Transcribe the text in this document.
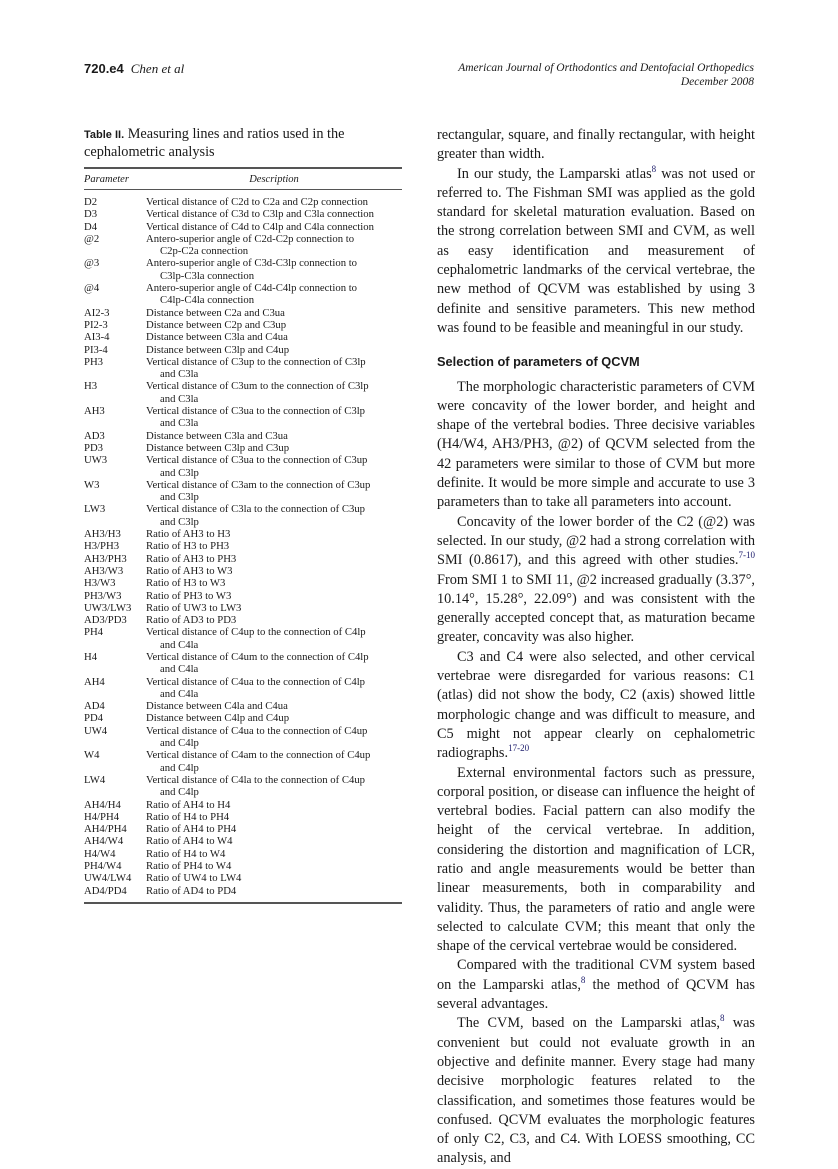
720.e4 Chen et al	American Journal of Orthodontics and Dentofacial Orthopedics
December 2008
Table II. Measuring lines and ratios used in the cephalometric analysis
Parameter	Description
D2	Vertical distance of C2d to C2a and C2p connection
D3	Vertical distance of C3d to C3lp and C3la connection
D4	Vertical distance of C4d to C4lp and C4la connection
@2	Antero-superior angle of C2d-C2p connection to
C2p-C2a connection
@3	Antero-superior angle of C3d-C3lp connection to
C3lp-C3la connection
@4	Antero-superior angle of C4d-C4lp connection to
C4lp-C4la connection
AI2-3	Distance between C2a and C3ua
PI2-3	Distance between C2p and C3up
AI3-4	Distance between C3la and C4ua
PI3-4	Distance between C3lp and C4up
PH3	Vertical distance of C3up to the connection of C3lp
and C3la
H3	Vertical distance of C3um to the connection of C3lp
and C3la
AH3	Vertical distance of C3ua to the connection of C3lp
and C3la
AD3	Distance between C3la and C3ua
PD3	Distance between C3lp and C3up
UW3	Vertical distance of C3ua to the connection of C3up
and C3lp
W3	Vertical distance of C3am to the connection of C3up
and C3lp
LW3	Vertical distance of C3la to the connection of C3up
and C3lp
AH3/H3	Ratio of AH3 to H3
H3/PH3	Ratio of H3 to PH3
AH3/PH3	Ratio of AH3 to PH3
AH3/W3	Ratio of AH3 to W3
H3/W3	Ratio of H3 to W3
PH3/W3	Ratio of PH3 to W3
UW3/LW3	Ratio of UW3 to LW3
AD3/PD3	Ratio of AD3 to PD3
PH4	Vertical distance of C4up to the connection of C4lp
and C4la
H4	Vertical distance of C4um to the connection of C4lp
and C4la
AH4	Vertical distance of C4ua to the connection of C4lp
and C4la
AD4	Distance between C4la and C4ua
PD4	Distance between C4lp and C4up
UW4	Vertical distance of C4ua to the connection of C4up
and C4lp
W4	Vertical distance of C4am to the connection of C4up
and C4lp
LW4	Vertical distance of C4la to the connection of C4up
and C4lp
AH4/H4	Ratio of AH4 to H4
H4/PH4	Ratio of H4 to PH4
AH4/PH4	Ratio of AH4 to PH4
AH4/W4	Ratio of AH4 to W4
H4/W4	Ratio of H4 to W4
PH4/W4	Ratio of PH4 to W4
UW4/LW4	Ratio of UW4 to LW4
AD4/PD4	Ratio of AD4 to PD4

rectangular, square, and finally rectangular, with height greater than width.

In our study, the Lamparski atlas$^8$ was not used or referred to. The Fishman SMI was applied as the gold standard for skeletal maturation evaluation. Based on the strong correlation between SMI and CVM, as well as easy identification and measurement of cephalometric landmarks of the cervical vertebrae, the new method of QCVM was established by using 3 definite and sensitive parameters. This new method was found to be feasible and meaningful in our study.

Selection of parameters of QCVM

The morphologic characteristic parameters of CVM were concavity of the lower border, and height and shape of the vertebral bodies. Three decisive variables (H4/W4, AH3/PH3, @2) of QCVM selected from the 42 parameters were similar to those of CVM but more definite. It would be more simple and accurate to use 3 parameters than to take all parameters into account.

Concavity of the lower border of the C2 (@2) was selected. In our study, @2 had a strong correlation with SMI (0.8617), and this agreed with other studies.$^{7-10}$ From SMI 1 to SMI 11, @2 increased gradually (3.37°, 10.14°, 15.28°, 22.09°) and was consistent with the generally accepted concept that, as maturation became greater, concavity was also higher.

C3 and C4 were also selected, and other cervical vertebrae were disregarded for various reasons: C1 (atlas) did not show the body, C2 (axis) showed little morphologic change and was difficult to measure, and C5 might not appear clearly on cephalometric radiographs.$^{17-20}$

External environmental factors such as pressure, corporal position, or disease can influence the height of vertebral bodies. Facial pattern can also modify the height of the cervical vertebrae. In addition, considering the distortion and magnification of LCR, ratio and angle measurements would be better than linear measurements, both in comparability and validity. Thus, the parameters of ratio and angle were selected to calculate CVM; this meant that only the shape of the cervical vertebrae would be considered.

Compared with the traditional CVM system based on the Lamparski atlas,$^8$ the method of QCVM has several advantages.

The CVM, based on the Lamparski atlas,$^8$ was convenient but could not evaluate growth in an objective and definite manner. Every stage had many decisive morphologic features related to the classification, and sometimes those features would be confused. QCVM evaluates the morphologic features of only C2, C3, and C4. With LOESS smoothing, CC analysis, and
